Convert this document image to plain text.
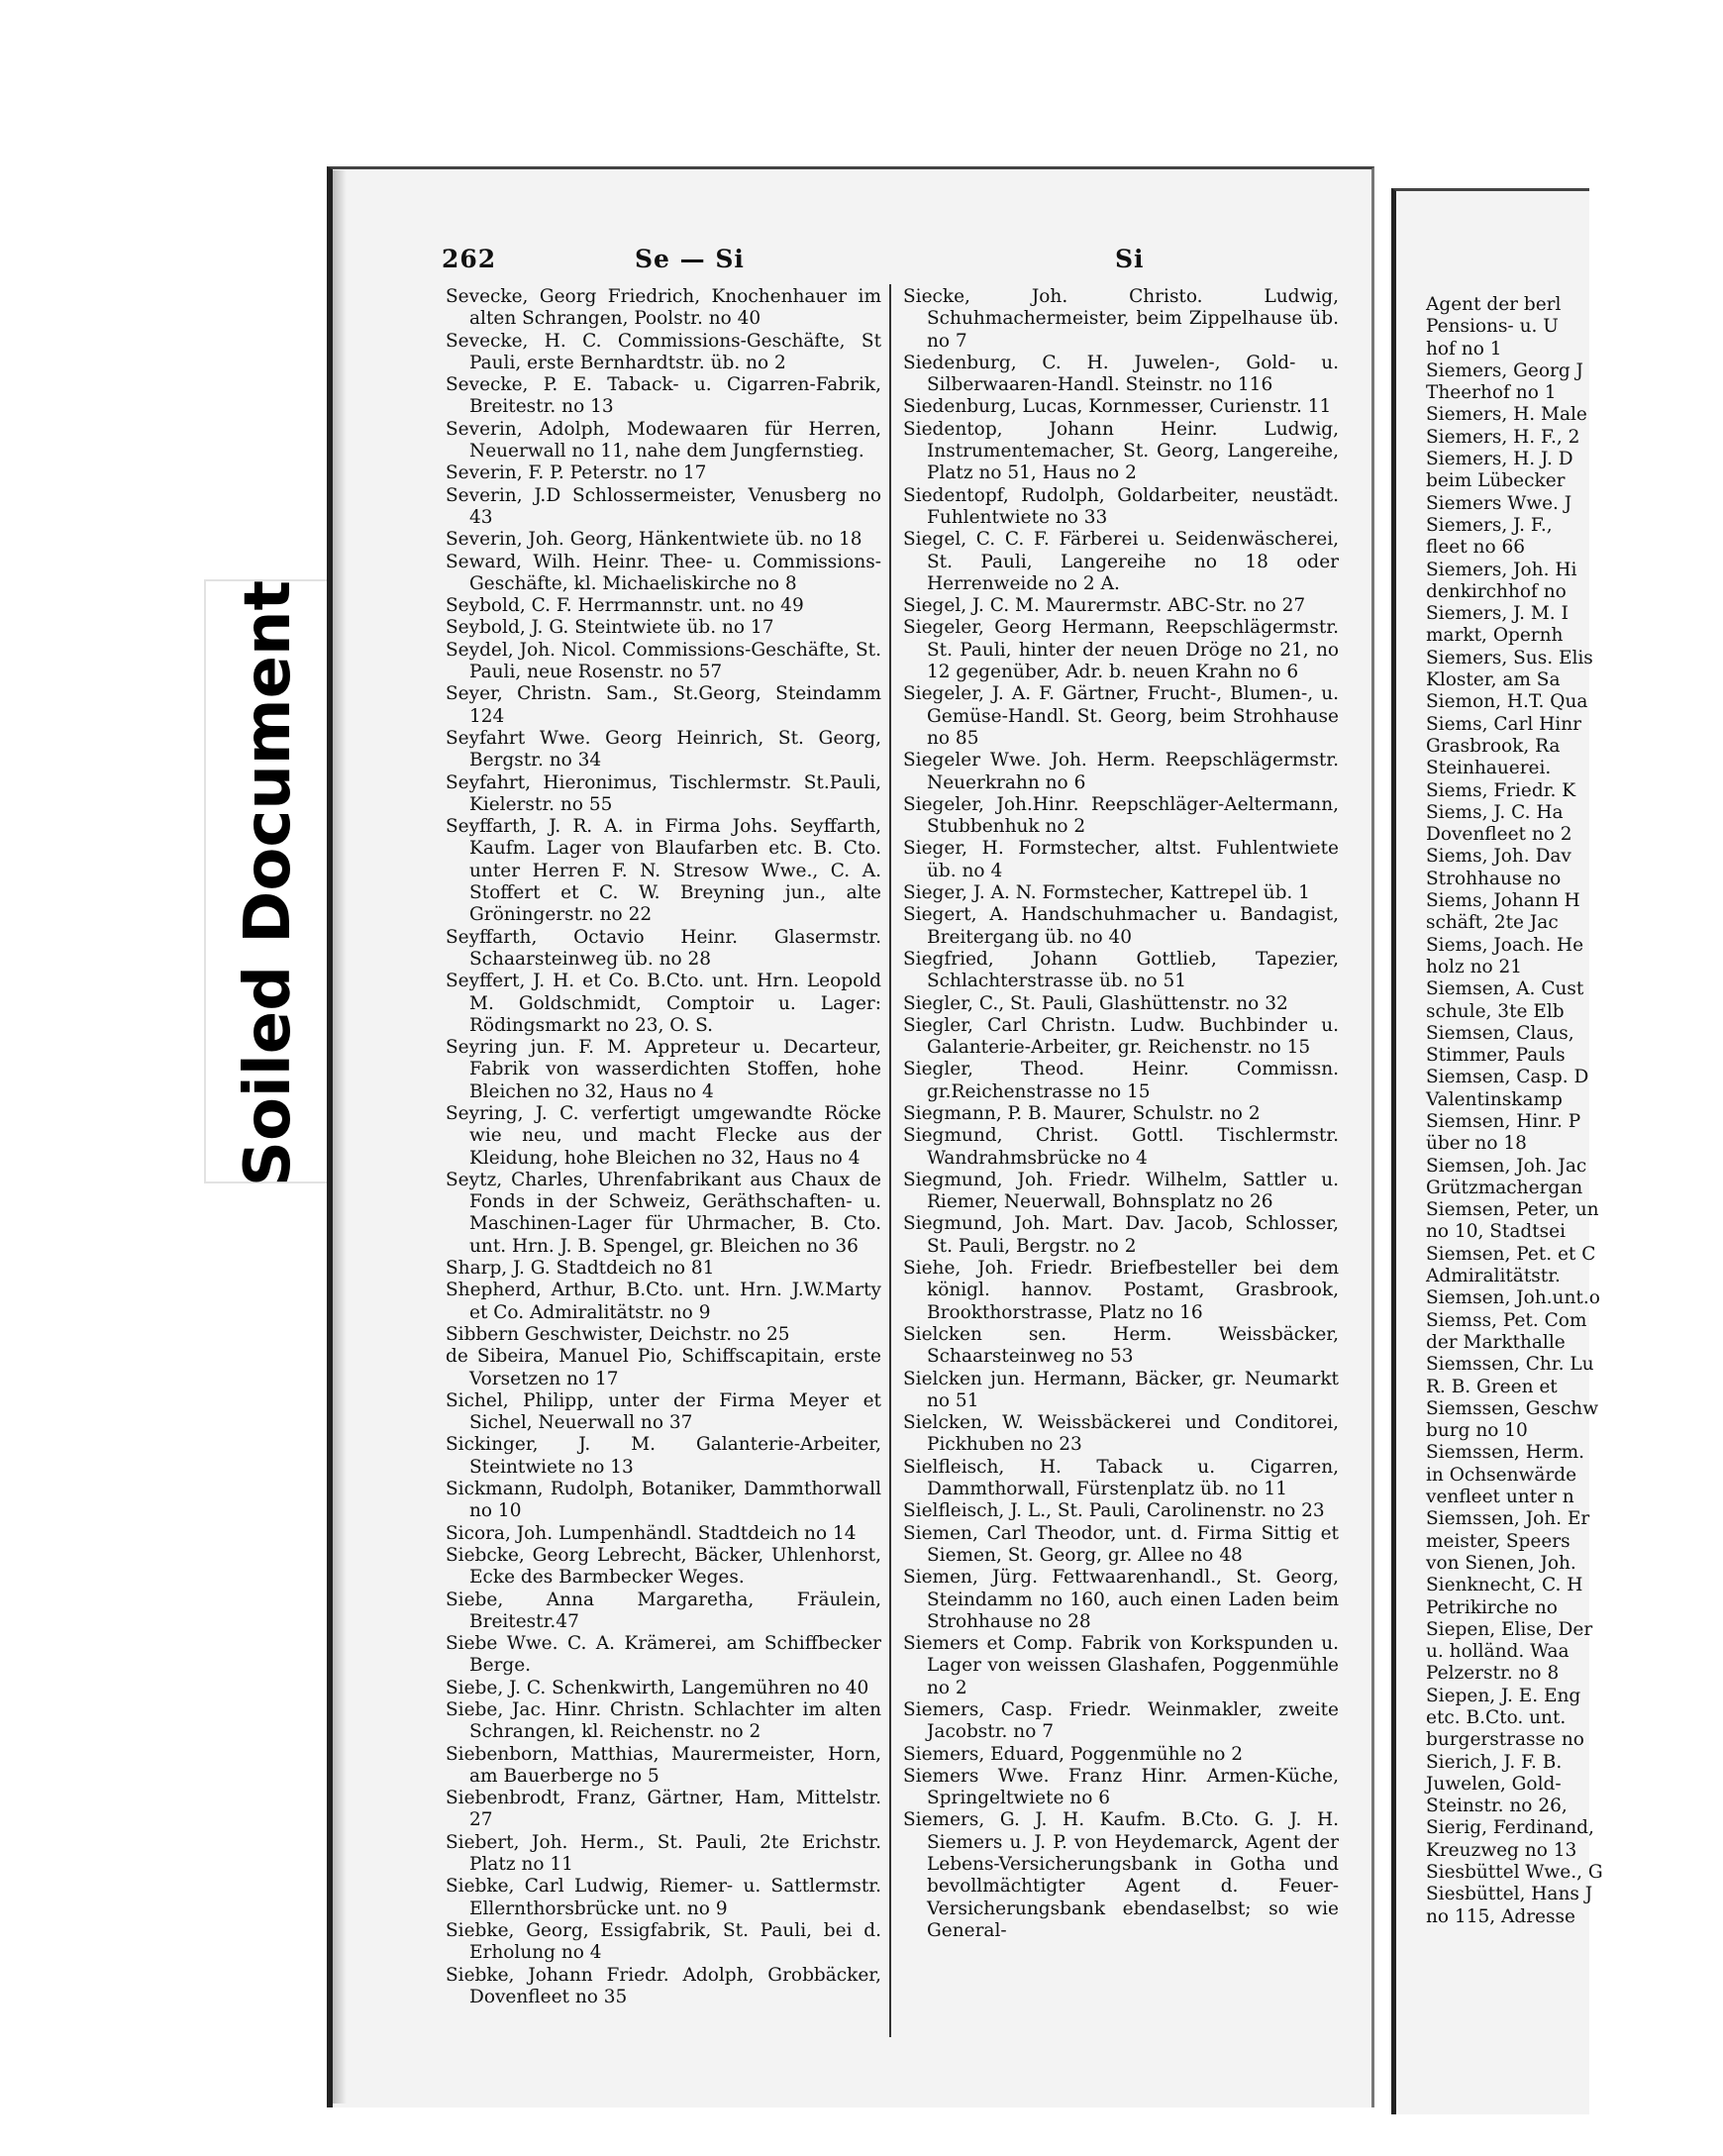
Soiled Document
262	Se — Si	Si

Sevecke, Georg Friedrich, Knochenhauer im alten Schrangen, Poolstr. no 40

Sevecke, H. C. Commissions-Geschäfte, St Pauli, erste Bernhardtstr. üb. no 2

Sevecke, P. E. Taback- u. Cigarren-Fabrik, Breitestr. no 13

Severin, Adolph, Modewaaren für Herren, Neuerwall no 11, nahe dem Jungfernstieg.

Severin, F. P. Peterstr. no 17

Severin, J.D Schlossermeister, Venusberg no 43

Severin, Joh. Georg, Hänkentwiete üb. no 18

Seward, Wilh. Heinr. Thee- u. Commissions-Geschäfte, kl. Michaeliskirche no 8

Seybold, C. F. Herrmannstr. unt. no 49

Seybold, J. G. Steintwiete üb. no 17

Seydel, Joh. Nicol. Commissions-Geschäfte, St. Pauli, neue Rosenstr. no 57

Seyer, Christn. Sam., St.Georg, Steindamm 124

Seyfahrt Wwe. Georg Heinrich, St. Georg, Bergstr. no 34

Seyfahrt, Hieronimus, Tischlermstr. St.Pauli, Kielerstr. no 55

Seyffarth, J. R. A. in Firma Johs. Seyffarth, Kaufm. Lager von Blaufarben etc. B. Cto. unter Herren F. N. Stresow Wwe., C. A. Stoffert et C. W. Breyning jun., alte Gröningerstr. no 22

Seyffarth, Octavio Heinr. Glasermstr. Schaarsteinweg üb. no 28

Seyffert, J. H. et Co. B.Cto. unt. Hrn. Leopold M. Goldschmidt, Comptoir u. Lager: Rödingsmarkt no 23, O. S.

Seyring jun. F. M. Appreteur u. Decarteur, Fabrik von wasserdichten Stoffen, hohe Bleichen no 32, Haus no 4

Seyring, J. C. verfertigt umgewandte Röcke wie neu, und macht Flecke aus der Kleidung, hohe Bleichen no 32, Haus no 4

Seytz, Charles, Uhrenfabrikant aus Chaux de Fonds in der Schweiz, Geräthschaften- u. Maschinen-Lager für Uhrmacher, B. Cto. unt. Hrn. J. B. Spengel, gr. Bleichen no 36

Sharp, J. G. Stadtdeich no 81

Shepherd, Arthur, B.Cto. unt. Hrn. J.W.Marty et Co. Admiralitätstr. no 9

Sibbern Geschwister, Deichstr. no 25

de Sibeira, Manuel Pio, Schiffscapitain, erste Vorsetzen no 17

Sichel, Philipp, unter der Firma Meyer et Sichel, Neuerwall no 37

Sickinger, J. M. Galanterie-Arbeiter, Steintwiete no 13

Sickmann, Rudolph, Botaniker, Dammthorwall no 10

Sicora, Joh. Lumpenhändl. Stadtdeich no 14

Siebcke, Georg Lebrecht, Bäcker, Uhlenhorst, Ecke des Barmbecker Weges.

Siebe, Anna Margaretha, Fräulein, Breitestr.47

Siebe Wwe. C. A. Krämerei, am Schiffbecker Berge.

Siebe, J. C. Schenkwirth, Langemühren no 40

Siebe, Jac. Hinr. Christn. Schlachter im alten Schrangen, kl. Reichenstr. no 2

Siebenborn, Matthias, Maurermeister, Horn, am Bauerberge no 5

Siebenbrodt, Franz, Gärtner, Ham, Mittelstr. 27

Siebert, Joh. Herm., St. Pauli, 2te Erichstr. Platz no 11

Siebke, Carl Ludwig, Riemer- u. Sattlermstr. Ellernthorsbrücke unt. no 9

Siebke, Georg, Essigfabrik, St. Pauli, bei d. Erholung no 4

Siebke, Johann Friedr. Adolph, Grobbäcker, Dovenfleet no 35

Siecke, Joh. Christo. Ludwig, Schuhmachermeister, beim Zippelhause üb. no 7

Siedenburg, C. H. Juwelen-, Gold- u. Silberwaaren-Handl. Steinstr. no 116

Siedenburg, Lucas, Kornmesser, Curienstr. 11

Siedentop, Johann Heinr. Ludwig, Instrumentemacher, St. Georg, Langereihe, Platz no 51, Haus no 2

Siedentopf, Rudolph, Goldarbeiter, neustädt. Fuhlentwiete no 33

Siegel, C. C. F. Färberei u. Seidenwäscherei, St. Pauli, Langereihe no 18 oder Herrenweide no 2 A.

Siegel, J. C. M. Maurermstr. ABC-Str. no 27

Siegeler, Georg Hermann, Reepschlägermstr. St. Pauli, hinter der neuen Dröge no 21, no 12 gegenüber, Adr. b. neuen Krahn no 6

Siegeler, J. A. F. Gärtner, Frucht-, Blumen-, u. Gemüse-Handl. St. Georg, beim Strohhause no 85

Siegeler Wwe. Joh. Herm. Reepschlägermstr. Neuerkrahn no 6

Siegeler, Joh.Hinr. Reepschläger-Aeltermann, Stubbenhuk no 2

Sieger, H. Formstecher, altst. Fuhlentwiete üb. no 4

Sieger, J. A. N. Formstecher, Kattrepel üb. 1

Siegert, A. Handschuhmacher u. Bandagist, Breitergang üb. no 40

Siegfried, Johann Gottlieb, Tapezier, Schlachterstrasse üb. no 51

Siegler, C., St. Pauli, Glashüttenstr. no 32

Siegler, Carl Christn. Ludw. Buchbinder u. Galanterie-Arbeiter, gr. Reichenstr. no 15

Siegler, Theod. Heinr. Commissn. gr.Reichenstrasse no 15

Siegmann, P. B. Maurer, Schulstr. no 2

Siegmund, Christ. Gottl. Tischlermstr. Wandrahmsbrücke no 4

Siegmund, Joh. Friedr. Wilhelm, Sattler u. Riemer, Neuerwall, Bohnsplatz no 26

Siegmund, Joh. Mart. Dav. Jacob, Schlosser, St. Pauli, Bergstr. no 2

Siehe, Joh. Friedr. Briefbesteller bei dem königl. hannov. Postamt, Grasbrook, Brookthorstrasse, Platz no 16

Sielcken sen. Herm. Weissbäcker, Schaarsteinweg no 53

Sielcken jun. Hermann, Bäcker, gr. Neumarkt no 51

Sielcken, W. Weissbäckerei und Conditorei, Pickhuben no 23

Sielfleisch, H. Taback u. Cigarren, Dammthorwall, Fürstenplatz üb. no 11

Sielfleisch, J. L., St. Pauli, Carolinenstr. no 23

Siemen, Carl Theodor, unt. d. Firma Sittig et Siemen, St. Georg, gr. Allee no 48

Siemen, Jürg. Fettwaarenhandl., St. Georg, Steindamm no 160, auch einen Laden beim Strohhause no 28

Siemers et Comp. Fabrik von Korkspunden u. Lager von weissen Glashafen, Poggenmühle no 2

Siemers, Casp. Friedr. Weinmakler, zweite Jacobstr. no 7

Siemers, Eduard, Poggenmühle no 2

Siemers Wwe. Franz Hinr. Armen-Küche, Springeltwiete no 6

Siemers, G. J. H. Kaufm. B.Cto. G. J. H. Siemers u. J. P. von Heydemarck, Agent der Lebens-Versicherungsbank in Gotha und bevollmächtigter Agent d. Feuer-Versicherungsbank ebendaselbst; so wie General-

Agent der berl
Pensions- u. U
hof no 1
Siemers, Georg J
Theerhof no 1
Siemers, H. Male
Siemers, H. F., 2
Siemers, H. J. D
beim Lübecker
Siemers Wwe. J
Siemers, J. F.,
fleet no 66
Siemers, Joh. Hi
denkirchhof no
Siemers, J. M. I
markt, Opernh
Siemers, Sus. Elis
Kloster, am Sa
Siemon, H.T. Qua
Siems, Carl Hinr
Grasbrook, Ra
Steinhauerei.
Siems, Friedr. K
Siems, J. C. Ha
Dovenfleet no 2
Siems, Joh. Dav
Strohhause no
Siems, Johann H
schäft, 2te Jac
Siems, Joach. He
holz no 21
Siemsen, A. Cust
schule, 3te Elb
Siemsen, Claus,
Stimmer, Pauls
Siemsen, Casp. D
Valentinskamp
Siemsen, Hinr. P
über no 18
Siemsen, Joh. Jac
Grützmachergan
Siemsen, Peter, un
no 10, Stadtsei
Siemsen, Pet. et C
Admiralitätstr.
Siemsen, Joh.unt.o
Siemss, Pet. Com
der Markthalle
Siemssen, Chr. Lu
R. B. Green et
Siemssen, Geschw
burg no 10
Siemssen, Herm.
in Ochsenwärde
venfleet unter n
Siemssen, Joh. Er
meister, Speers
von Sienen, Joh.
Sienknecht, C. H
Petrikirche no
Siepen, Elise, Der
u. holländ. Waa
Pelzerstr. no 8
Siepen, J. E. Eng
etc. B.Cto. unt.
burgerstrasse no
Sierich, J. F. B.
Juwelen, Gold-
Steinstr. no 26,
Sierig, Ferdinand,
Kreuzweg no 13
Siesbüttel Wwe., G
Siesbüttel, Hans J
no 115, Adresse
